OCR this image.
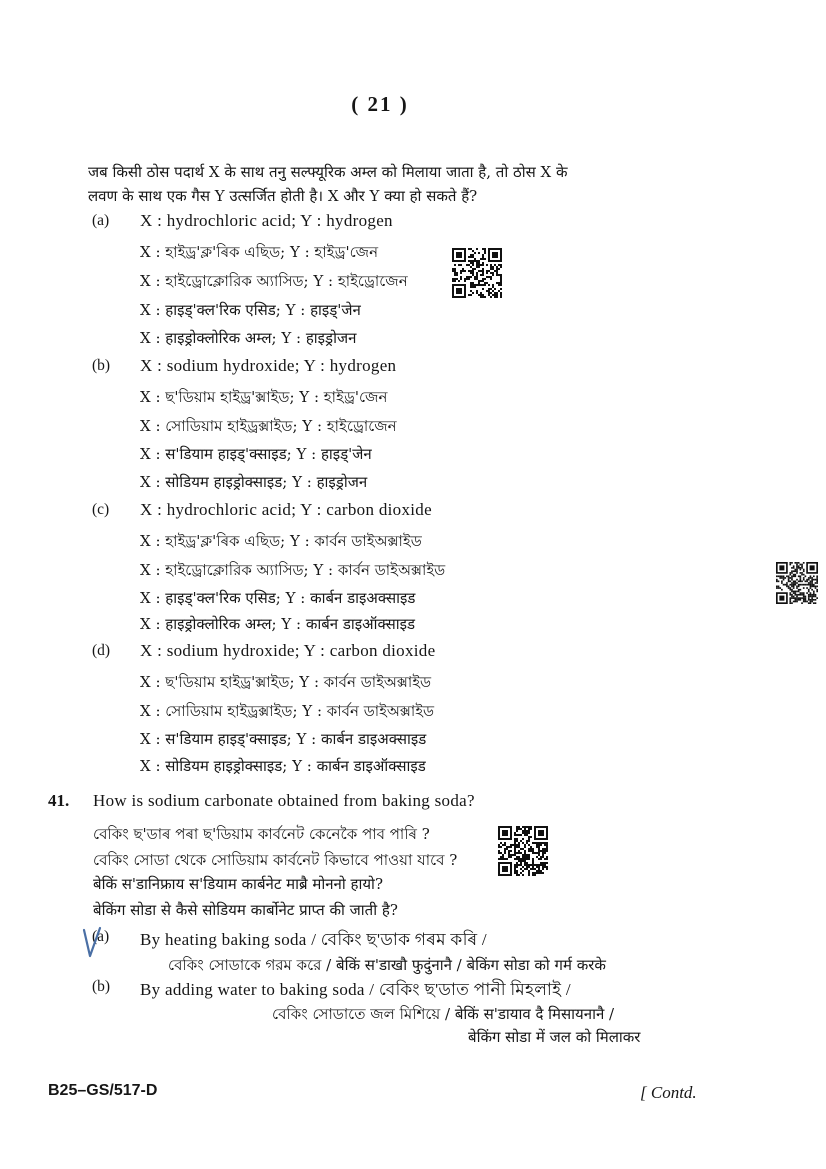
( 21 )
जब किसी ठोस पदार्थ X के साथ तनु सल्फ्यूरिक अम्ल को मिलाया जाता है, तो ठोस X के
लवण के साथ एक गैस Y उत्सर्जित होती है। X और Y क्या हो सकते हैं?
(a) X : hydrochloric acid; Y : hydrogen
X : হাইড্ৰ'ক্ল'ৰিক এছিড; Y : হাইড্ৰ'জেন
X : হাইড্রোক্লোরিক অ্যাসিড; Y : হাইড্রোজেন
X : हाइड्'क्ल'रिक एसिड; Y : हाइड्'जेन
X : हाइड्रोक्लोरिक अम्ल; Y : हाइड्रोजन
(b) X : sodium hydroxide; Y : hydrogen
X : ছ'ডিয়াম হাইড্ৰ'ক্সাইড; Y : হাইড্ৰ'জেন
X : সোডিয়াম হাইড্রক্সাইড; Y : হাইড্রোজেন
X : स'डियाम हाइड्'क्साइड; Y : हाइड्'जेन
X : सोडियम हाइड्रोक्साइड; Y : हाइड्रोजन
(c) X : hydrochloric acid; Y : carbon dioxide
X : হাইড্ৰ'ক্ল'ৰিক এছিড; Y : কাৰ্বন ডাইঅক্সাইড
X : হাইড্রোক্লোরিক অ্যাসিড; Y : কার্বন ডাইঅক্সাইড
X : हाइड्'क्ल'रिक एसिड; Y : कार्बन डाइअक्साइड
X : हाइड्रोक्लोरिक अम्ल; Y : कार्बन डाइऑक्साइड
(d) X : sodium hydroxide; Y : carbon dioxide
X : ছ'ডিয়াম হাইড্ৰ'ক্সাইড; Y : কাৰ্বন ডাইঅক্সাইড
X : সোডিয়াম হাইড্রক্সাইড; Y : কার্বন ডাইঅক্সাইড
X : स'डियाम हाइड्'क्साइड; Y : कार्बन डाइअक्साइड
X : सोडियम हाइड्रोक्साइड; Y : कार्बन डाइऑक्साइड
41. How is sodium carbonate obtained from baking soda?
বেকিং ছ'ডাৰ পৰা ছ'ডিয়াম কাৰ্বনেট কেনেকৈ পাব পাৰি ?
বেকিং সোডা থেকে সোডিয়াম কার্বনেট কিভাবে পাওয়া যাবে ?
बेकिं स'डानिफ्राय स'डियाम कार्बनेट माब्रै मोननो हायो?
बेकिंग सोडा से कैसे सोडियम कार्बोनेट प्राप्त की जाती है?
(a) By heating baking soda / বেকিং ছ'ডাক গৰম কৰি /
বেকিং সোডাকে গরম করে / बेकिं स'डाखौ फुदुंनानै / बेकिंग सोडा को गर्म करके
(b) By adding water to baking soda / বেকিং ছ'ডাত পানী মিহলাই /
বেকিং সোডাতে জল মিশিয়ে / बेकिं स'डायाव दै मिसायनानै /
बेकिंग सोडा में जल को मिलाकर
B25–GS/517-D	[ Contd.
